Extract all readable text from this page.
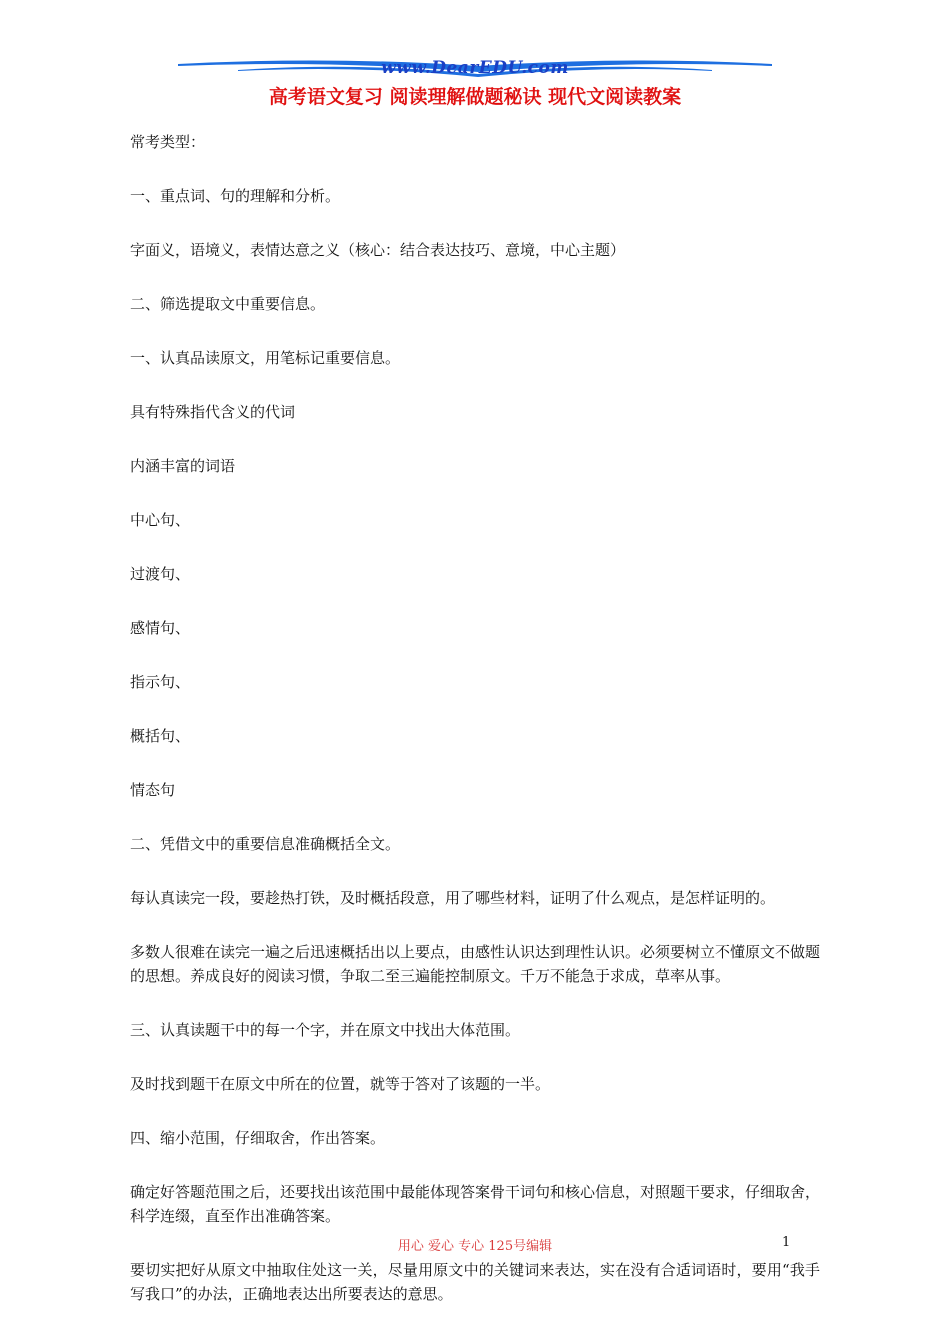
www.DearEDU.com
高考语文复习 阅读理解做题秘诀 现代文阅读教案

常考类型：

一、重点词、句的理解和分析。

字面义，语境义，表情达意之义（核心：结合表达技巧、意境，中心主题）

二、筛选提取文中重要信息。

一、认真品读原文，用笔标记重要信息。

具有特殊指代含义的代词

内涵丰富的词语

中心句、

过渡句、

感情句、

指示句、

概括句、

情态句

二、凭借文中的重要信息准确概括全文。

每认真读完一段，要趁热打铁，及时概括段意，用了哪些材料，证明了什么观点，是怎样证明的。

多数人很难在读完一遍之后迅速概括出以上要点，由感性认识达到理性认识。必须要树立不懂原文不做题的思想。养成良好的阅读习惯，争取二至三遍能控制原文。千万不能急于求成，草率从事。

三、认真读题干中的每一个字，并在原文中找出大体范围。

及时找到题干在原文中所在的位置，就等于答对了该题的一半。

四、缩小范围，仔细取舍，作出答案。

确定好答题范围之后，还要找出该范围中最能体现答案骨干词句和核心信息，对照题干要求，仔细取舍，科学连缀，直至作出准确答案。

要切实把好从原文中抽取住处这一关，尽量用原文中的关键词来表达，实在没有合适词语时，要用“我手写我口”的办法，正确地表达出所要表达的意思。

用心 爱心 专心 125号编辑	1
